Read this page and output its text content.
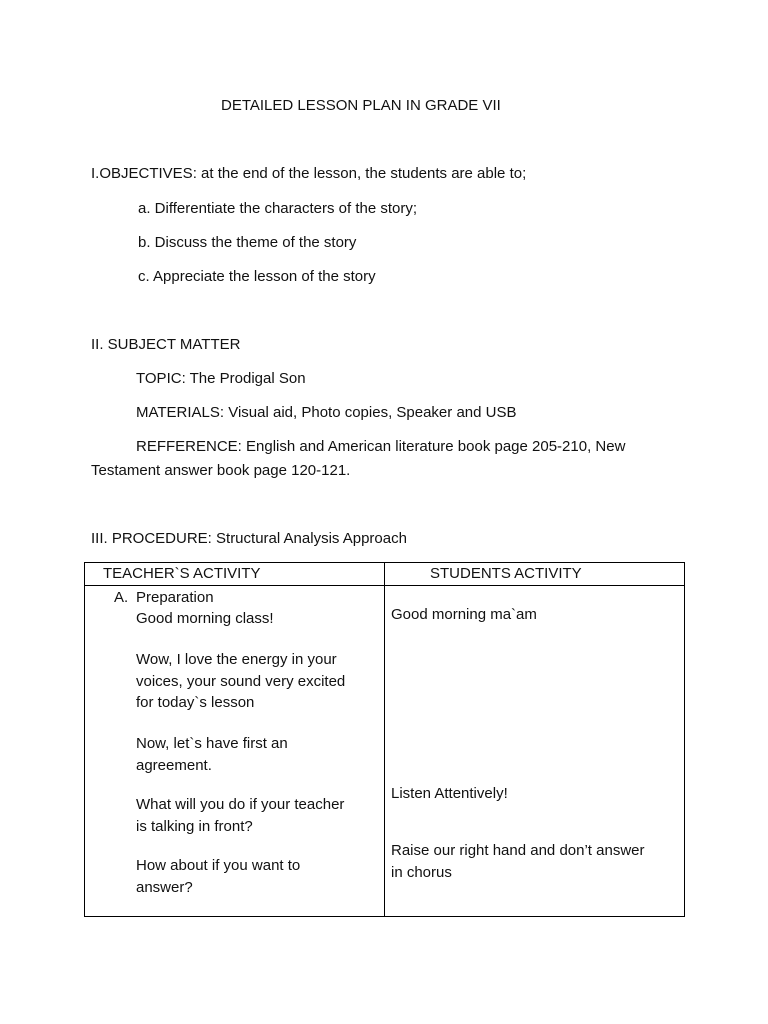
DETAILED LESSON PLAN IN GRADE VII
I.OBJECTIVES: at the end of the lesson, the students are able to;
a. Differentiate the characters of the story;
b. Discuss the theme of the story
c. Appreciate the lesson of the story
II. SUBJECT MATTER
TOPIC: The Prodigal Son
MATERIALS: Visual aid, Photo copies, Speaker and USB
REFFERENCE: English and American literature book page 205-210, New
Testament answer book page 120-121.
III. PROCEDURE: Structural Analysis Approach
TEACHER`S ACTIVITY	STUDENTS ACTIVITY
A. Preparation
Good morning class!
Wow, I love the energy in your
voices, your sound very excited
for today`s lesson
Now, let`s have first an
agreement.
What will you do if your teacher
is talking in front?
How about if you want to
answer?
Good morning ma`am
Listen Attentively!
Raise our right hand and don’t answer
in chorus
